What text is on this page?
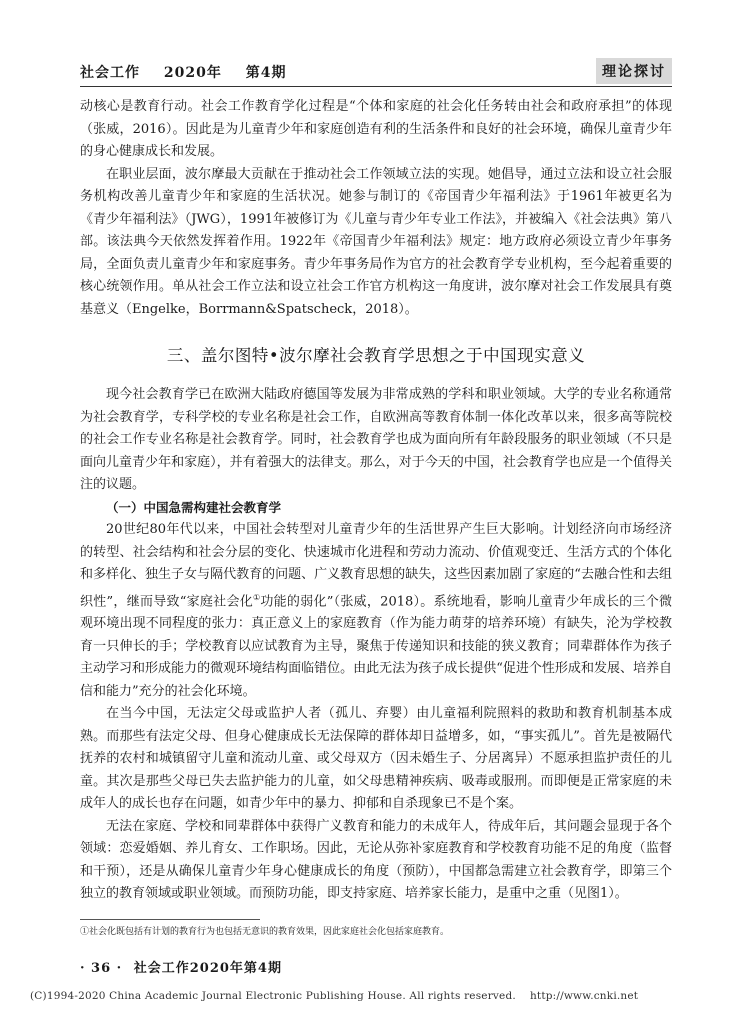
社会工作 2020年 第4期	理论探讨

动核心是教育行动。社会工作教育学化过程是“个体和家庭的社会化任务转由社会和政府承担”的体现（张威，2016）。因此是为儿童青少年和家庭创造有利的生活条件和良好的社会环境，确保儿童青少年的身心健康成长和发展。

在职业层面，波尔摩最大贡献在于推动社会工作领域立法的实现。她倡导，通过立法和设立社会服务机构改善儿童青少年和家庭的生活状况。她参与制订的《帝国青少年福利法》于1961年被更名为《青少年福利法》（JWG），1991年被修订为《儿童与青少年专业工作法》，并被编入《社会法典》第八部。该法典今天依然发挥着作用。1922年《帝国青少年福利法》规定：地方政府必须设立青少年事务局，全面负责儿童青少年和家庭事务。青少年事务局作为官方的社会教育学专业机构，至今起着重要的核心统领作用。单从社会工作立法和设立社会工作官方机构这一角度讲，波尔摩对社会工作发展具有奠基意义（Engelke，Borrmann&Spatscheck，2018）。

三、盖尔图特•波尔摩社会教育学思想之于中国现实意义

现今社会教育学已在欧洲大陆政府德国等发展为非常成熟的学科和职业领域。大学的专业名称通常为社会教育学，专科学校的专业名称是社会工作，自欧洲高等教育体制一体化改革以来，很多高等院校的社会工作专业名称是社会教育学。同时，社会教育学也成为面向所有年龄段服务的职业领域（不只是面向儿童青少年和家庭），并有着强大的法律支。那么，对于今天的中国，社会教育学也应是一个值得关注的议题。

（一）中国急需构建社会教育学

20世纪80年代以来，中国社会转型对儿童青少年的生活世界产生巨大影响。计划经济向市场经济的转型、社会结构和社会分层的变化、快速城市化进程和劳动力流动、价值观变迁、生活方式的个体化和多样化、独生子女与隔代教育的问题、广义教育思想的缺失，这些因素加剧了家庭的“去融合性和去组织性”，继而导致“家庭社会化①功能的弱化”（张威，2018）。系统地看，影响儿童青少年成长的三个微观环境出现不同程度的张力：真正意义上的家庭教育（作为能力萌芽的培养环境）有缺失，沦为学校教育一只伸长的手；学校教育以应试教育为主导，聚焦于传递知识和技能的狭义教育；同辈群体作为孩子主动学习和形成能力的微观环境结构面临错位。由此无法为孩子成长提供“促进个性形成和发展、培养自信和能力”充分的社会化环境。

在当今中国，无法定父母或监护人者（孤儿、弃婴）由儿童福利院照料的救助和教育机制基本成熟。而那些有法定父母、但身心健康成长无法保障的群体却日益增多，如，“事实孤儿”。首先是被隔代抚养的农村和城镇留守儿童和流动儿童、或父母双方（因未婚生子、分居离异）不愿承担监护责任的儿童。其次是那些父母已失去监护能力的儿童，如父母患精神疾病、吸毒或服刑。而即便是正常家庭的未成年人的成长也存在问题，如青少年中的暴力、抑郁和自杀现象已不是个案。

无法在家庭、学校和同辈群体中获得广义教育和能力的未成年人，待成年后，其问题会显现于各个领域：恋爱婚姻、养儿育女、工作职场。因此，无论从弥补家庭教育和学校教育功能不足的角度（监督和干预），还是从确保儿童青少年身心健康成长的角度（预防），中国都急需建立社会教育学，即第三个独立的教育领域或职业领域。而预防功能，即支持家庭、培养家长能力，是重中之重（见图1）。

①社会化既包括有计划的教育行为也包括无意识的教育效果，因此家庭社会化包括家庭教育。
· 36 · 社会工作2020年第4期
(C)1994-2020 China Academic Journal Electronic Publishing House. All rights reserved. http://www.cnki.net
